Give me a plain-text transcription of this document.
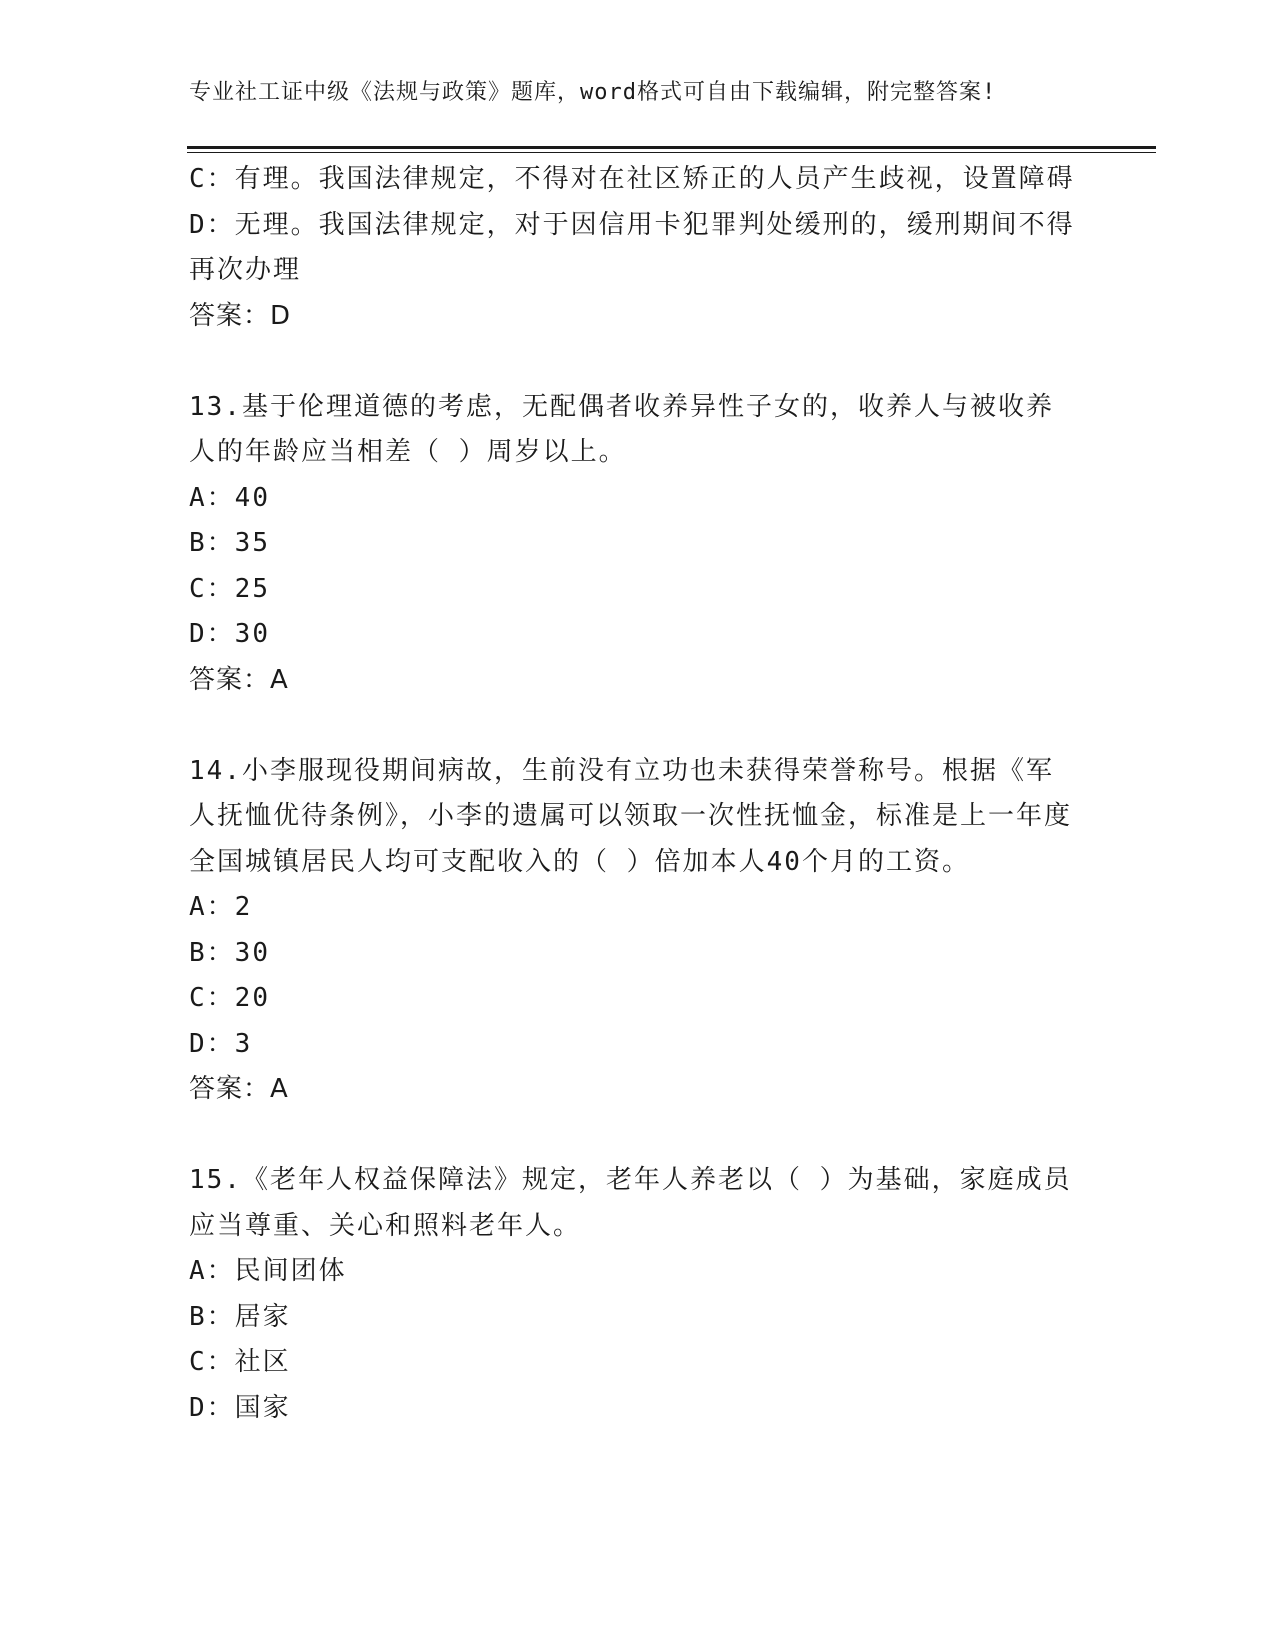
专业社工证中级《法规与政策》题库，word格式可自由下载编辑，附完整答案!

C：有理。我国法律规定，不得对在社区矫正的人员产生歧视，设置障碍

D：无理。我国法律规定，对于因信用卡犯罪判处缓刑的，缓刑期间不得再次办理

答案：D

13.基于伦理道德的考虑，无配偶者收养异性子女的，收养人与被收养人的年龄应当相差（ ）周岁以上。

A：40

B：35

C：25

D：30

答案：A

14.小李服现役期间病故，生前没有立功也未获得荣誉称号。根据《军人抚恤优待条例》，小李的遗属可以领取一次性抚恤金，标准是上一年度全国城镇居民人均可支配收入的（ ）倍加本人40个月的工资。

A：2

B：30

C：20

D：3

答案：A

15.《老年人权益保障法》规定，老年人养老以（ ）为基础，家庭成员应当尊重、关心和照料老年人。

A：民间团体

B：居家

C：社区

D：国家
